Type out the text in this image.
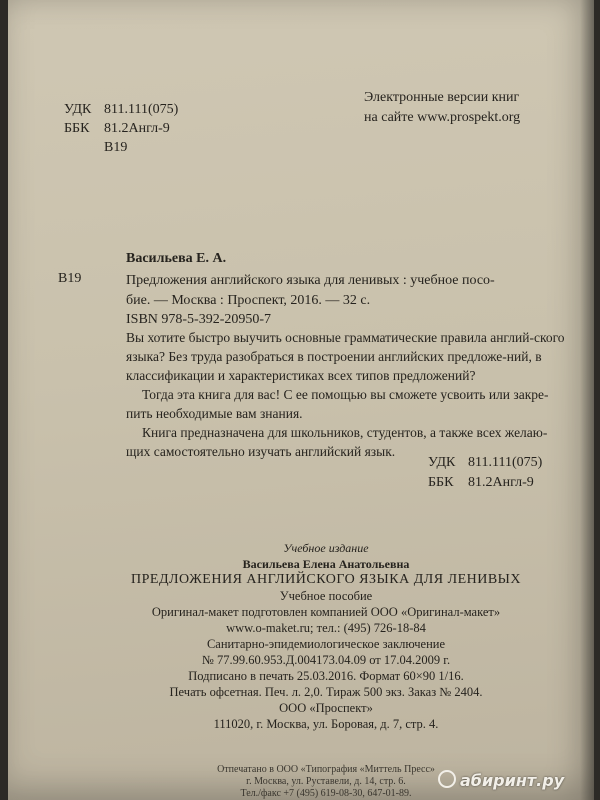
УДК 811.111(075)
ББК 81.2Англ-9
В19
Электронные версии книг
на сайте www.prospekt.org
Васильева Е. А.
В19	Предложения английского языка для ленивых : учебное посо-
бие. — Москва : Проспект, 2016. — 32 с.
ISBN 978-5-392-20950-7

Вы хотите быстро выучить основные грамматические правила англий-ского языка? Без труда разобраться в построении английских предложе-ний, в классификации и характеристиках всех типов предложений?

Тогда эта книга для вас! С ее помощью вы сможете усвоить или закре-пить необходимые вам знания.

Книга предназначена для школьников, студентов, а также всех желаю-щих самостоятельно изучать английский язык.

УДК 811.111(075)
ББК 81.2Англ-9
Учебное издание
Васильева Елена Анатольевна
ПРЕДЛОЖЕНИЯ АНГЛИЙСКОГО ЯЗЫКА ДЛЯ ЛЕНИВЫХ
Учебное пособие
Оригинал-макет подготовлен компанией ООО «Оригинал-макет»
www.o-maket.ru; тел.: (495) 726-18-84
Санитарно-эпидемиологическое заключение
№ 77.99.60.953.Д.004173.04.09 от 17.04.2009 г.
Подписано в печать 25.03.2016. Формат 60×90 1/16.
Печать офсетная. Печ. л. 2,0. Тираж 500 экз. Заказ № 2404.
ООО «Проспект»
111020, г. Москва, ул. Боровая, д. 7, стр. 4.
Отпечатано в ООО «Типография «Миттель Пресс»
г. Москва, ул. Руставели, д. 14, стр. 6.
Тел./факс +7 (495) 619-08-30, 647-01-89.
абиринт.ру
